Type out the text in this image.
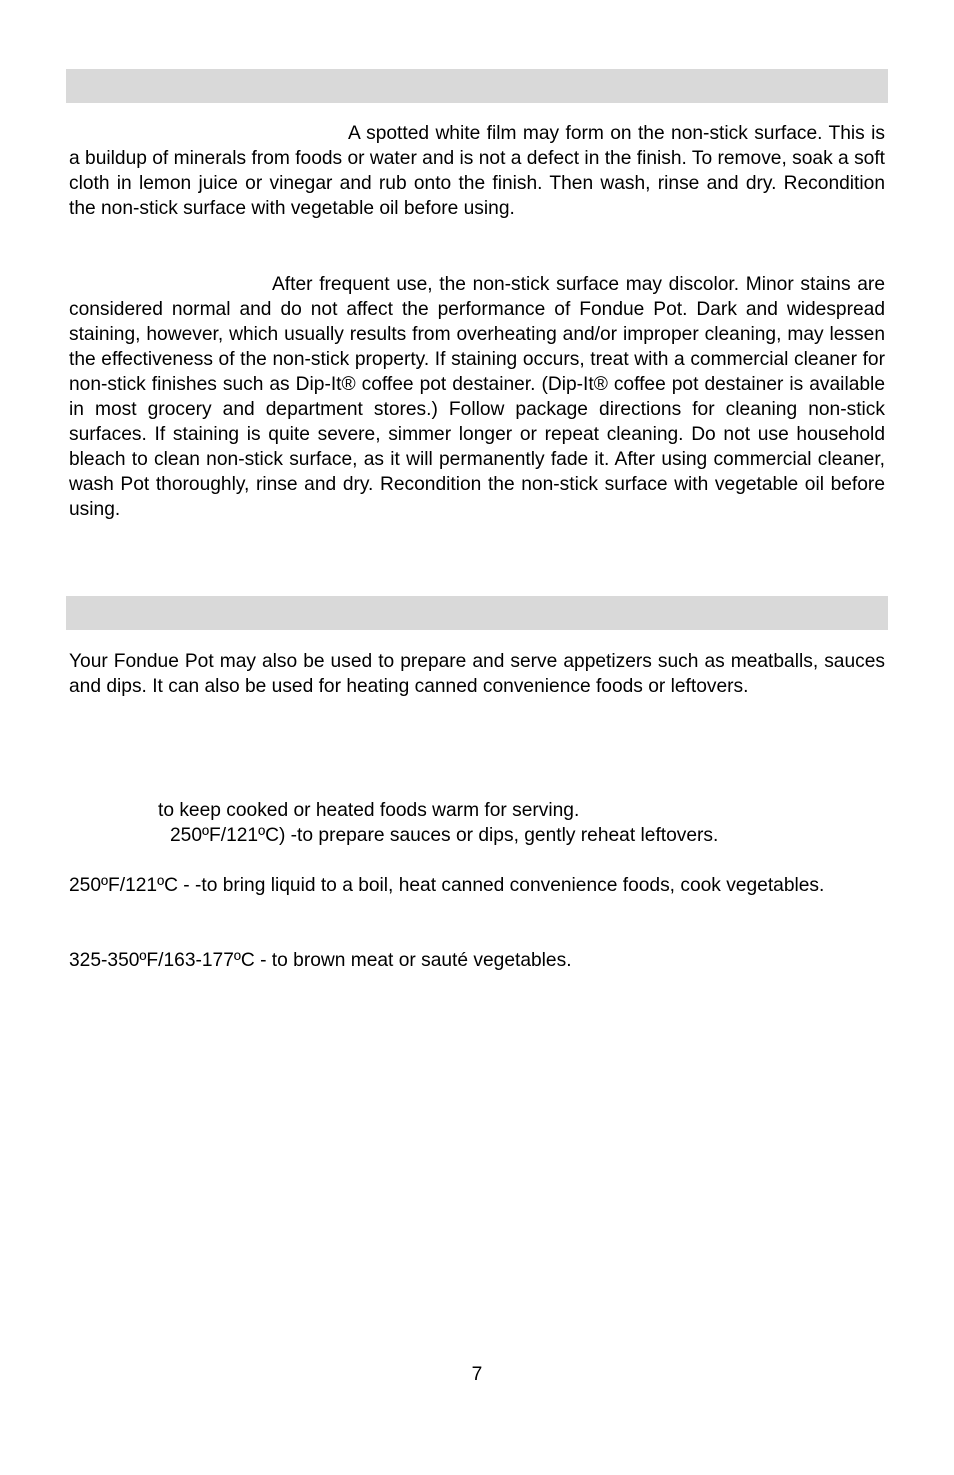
A spotted white film may form on the non-stick surface. This is a buildup of minerals from foods or water and is not a defect in the finish. To remove, soak a soft cloth in lemon juice or vinegar and rub onto the finish. Then wash, rinse and dry. Recondition the non-stick surface with vegetable oil before using.

After frequent use, the non-stick surface may discolor. Minor stains are considered normal and do not affect the performance of Fondue Pot. Dark and widespread staining, however, which usually results from overheating and/or improper cleaning, may lessen the effectiveness of the non-stick property. If staining occurs, treat with a commercial cleaner for non-stick finishes such as Dip-It® coffee pot destainer. (Dip-It® coffee pot destainer is available in most grocery and department stores.) Follow package directions for cleaning non-stick surfaces. If staining is quite severe, simmer longer or repeat cleaning. Do not use household bleach to clean non-stick surface, as it will permanently fade it. After using commercial cleaner, wash Pot thoroughly, rinse and dry. Recondition the non-stick surface with vegetable oil before using.

Your Fondue Pot may also be used to prepare and serve appetizers such as meatballs, sauces and dips. It can also be used for heating canned convenience foods or leftovers.

to keep cooked or heated foods warm for serving.
250ºF/121ºC) -to prepare sauces or dips, gently reheat leftovers.

250ºF/121ºC - -to bring liquid to a boil, heat canned convenience foods, cook vegetables.

325-350ºF/163-177ºC - to brown meat or sauté vegetables.
7
